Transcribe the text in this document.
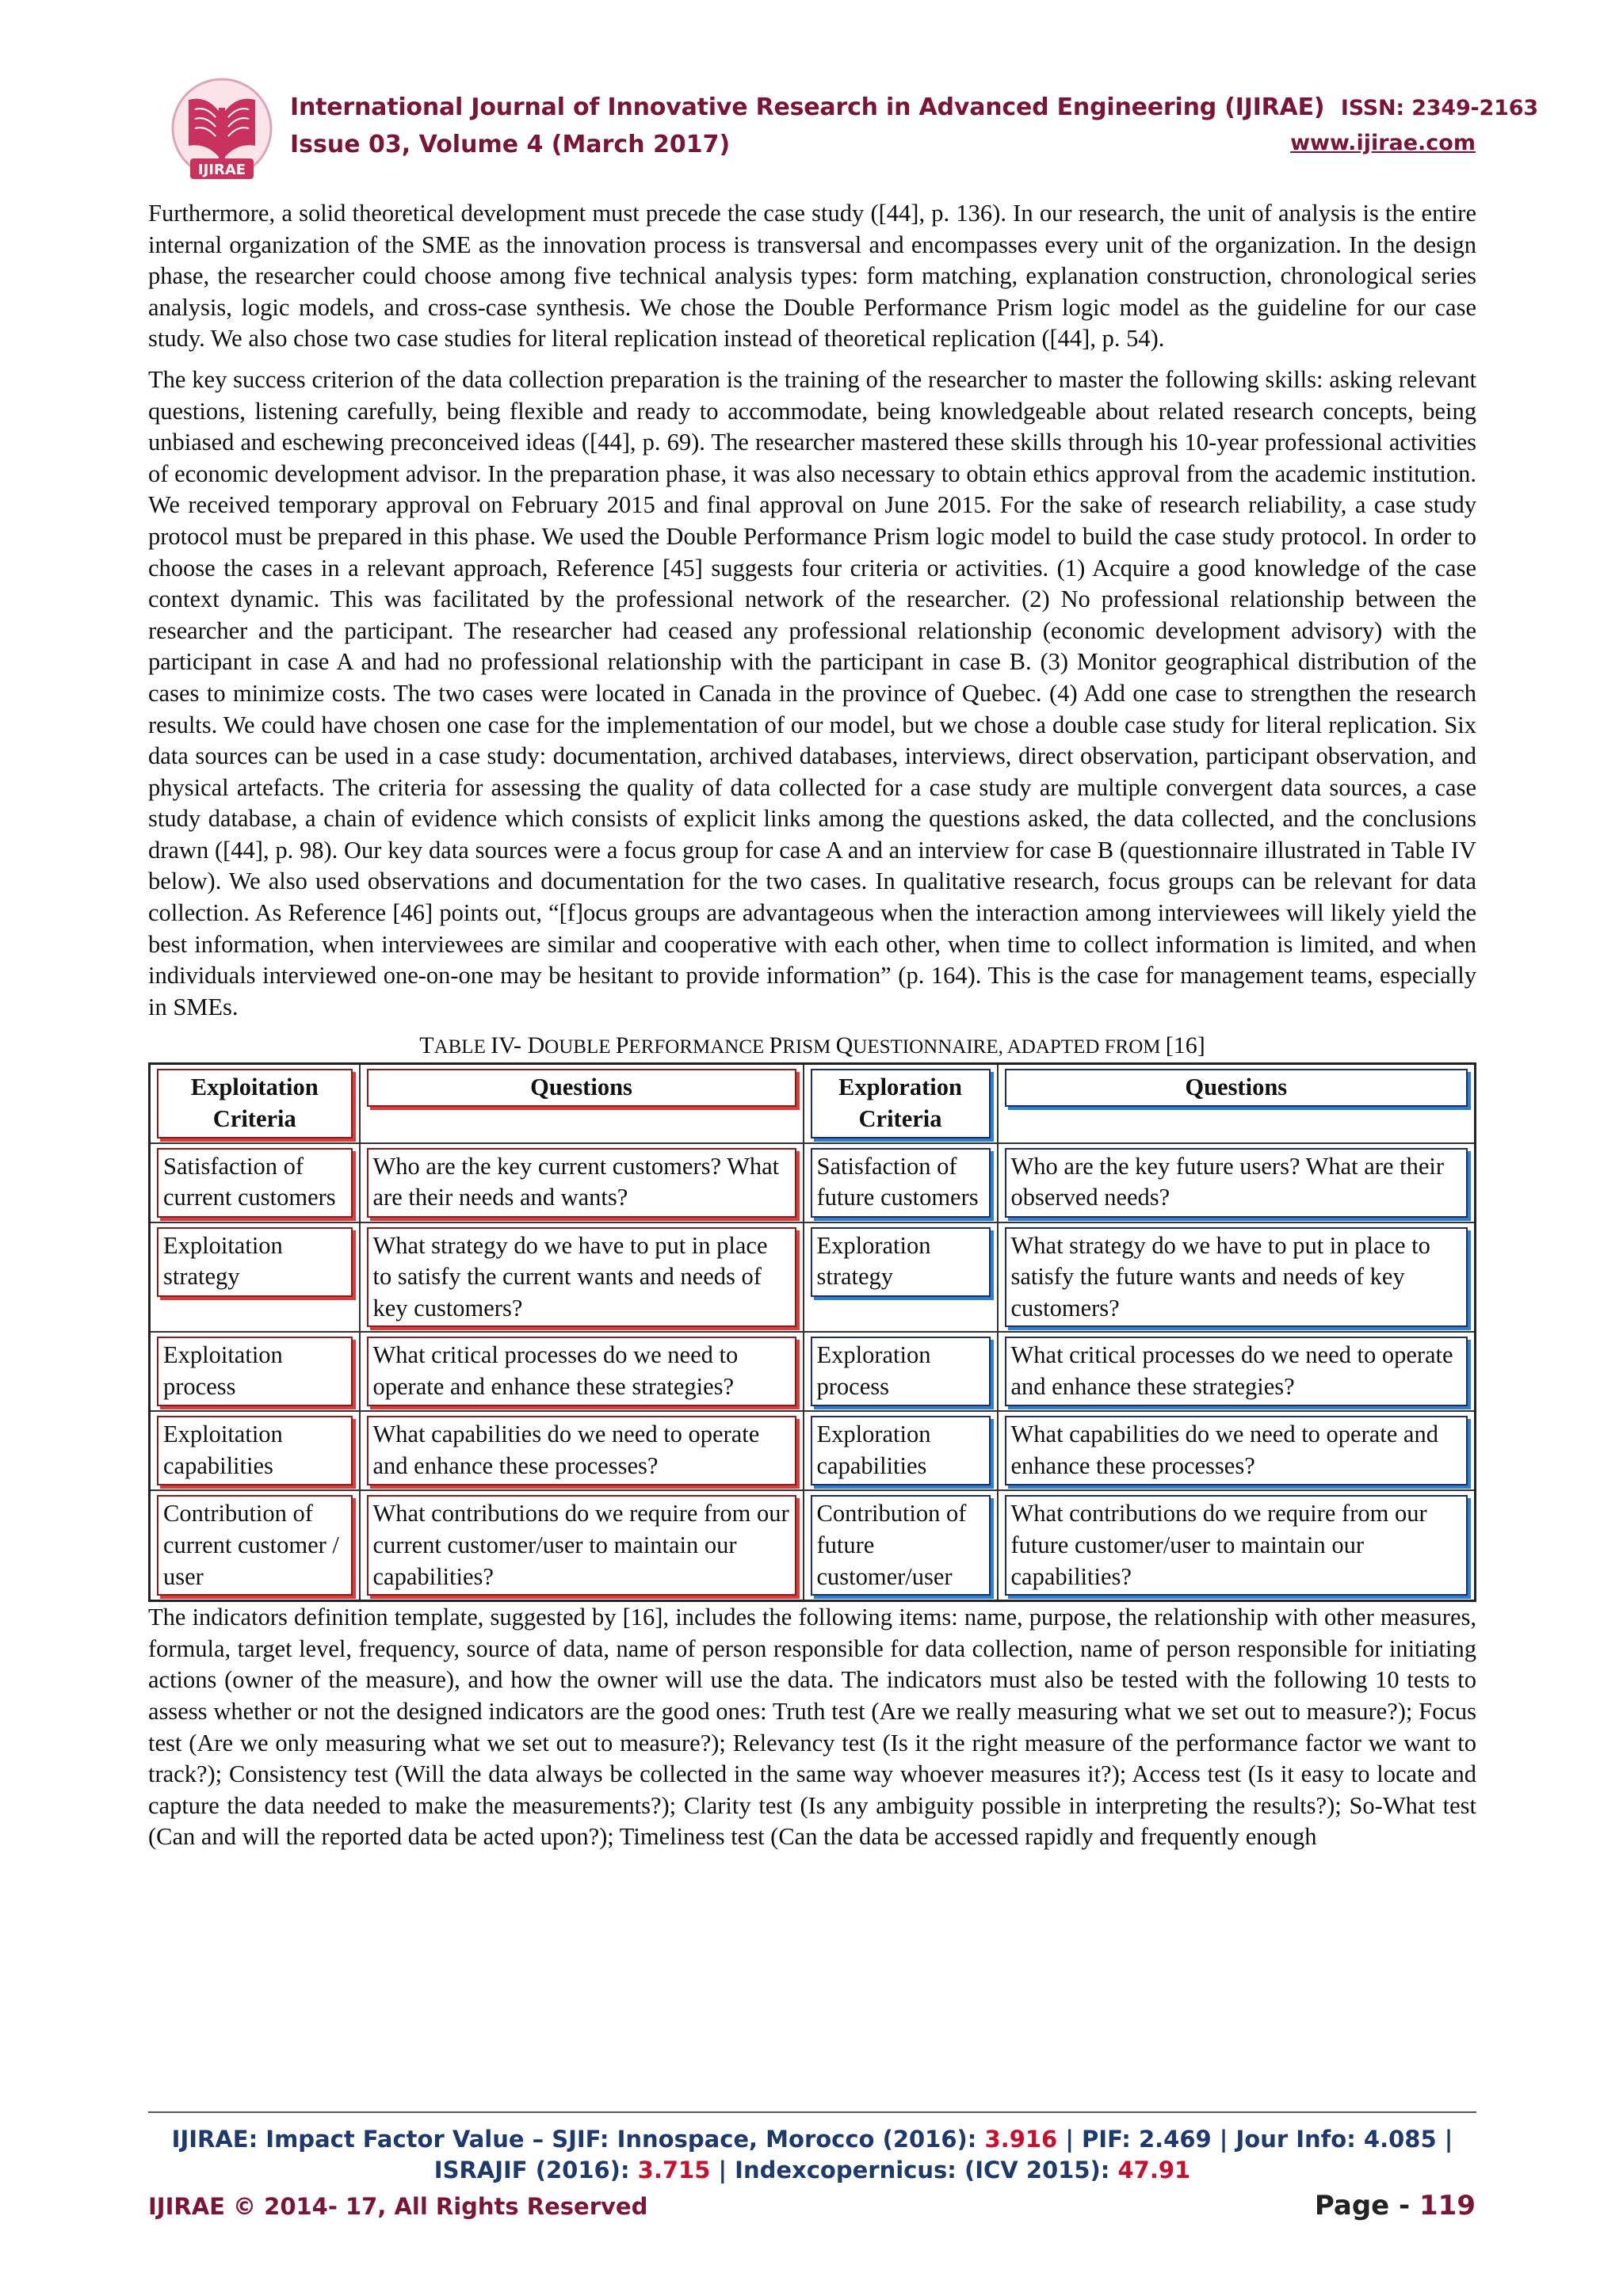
IJIRAE
International Journal of Innovative Research in Advanced Engineering (IJIRAE) ISSN: 2349-2163
Issue 03, Volume 4 (March 2017)	www.ijirae.com

Furthermore, a solid theoretical development must precede the case study ([44], p. 136). In our research, the unit of analysis is the entire internal organization of the SME as the innovation process is transversal and encompasses every unit of the organization. In the design phase, the researcher could choose among five technical analysis types: form matching, explanation construction, chronological series analysis, logic models, and cross-case synthesis. We chose the Double Performance Prism logic model as the guideline for our case study. We also chose two case studies for literal replication instead of theoretical replication ([44], p. 54).

The key success criterion of the data collection preparation is the training of the researcher to master the following skills: asking relevant questions, listening carefully, being flexible and ready to accommodate, being knowledgeable about related research concepts, being unbiased and eschewing preconceived ideas ([44], p. 69). The researcher mastered these skills through his 10-year professional activities of economic development advisor. In the preparation phase, it was also necessary to obtain ethics approval from the academic institution. We received temporary approval on February 2015 and final approval on June 2015. For the sake of research reliability, a case study protocol must be prepared in this phase. We used the Double Performance Prism logic model to build the case study protocol. In order to choose the cases in a relevant approach, Reference [45] suggests four criteria or activities. (1) Acquire a good knowledge of the case context dynamic. This was facilitated by the professional network of the researcher. (2) No professional relationship between the researcher and the participant. The researcher had ceased any professional relationship (economic development advisory) with the participant in case A and had no professional relationship with the participant in case B. (3) Monitor geographical distribution of the cases to minimize costs. The two cases were located in Canada in the province of Quebec. (4) Add one case to strengthen the research results. We could have chosen one case for the implementation of our model, but we chose a double case study for literal replication. Six data sources can be used in a case study: documentation, archived databases, interviews, direct observation, participant observation, and physical artefacts. The criteria for assessing the quality of data collected for a case study are multiple convergent data sources, a case study database, a chain of evidence which consists of explicit links among the questions asked, the data collected, and the conclusions drawn ([44], p. 98). Our key data sources were a focus group for case A and an interview for case B (questionnaire illustrated in Table IV below). We also used observations and documentation for the two cases. In qualitative research, focus groups can be relevant for data collection. As Reference [46] points out, “[f]ocus groups are advantageous when the interaction among interviewees will likely yield the best information, when interviewees are similar and cooperative with each other, when time to collect information is limited, and when individuals interviewed one-on-one may be hesitant to provide information” (p. 164). This is the case for management teams, especially in SMEs.

TABLE IV- DOUBLE PERFORMANCE PRISM QUESTIONNAIRE, ADAPTED FROM [16]
Exploitation Criteria	Questions	Exploration Criteria	Questions

Satisfaction of current customers	Who are the key current customers? What are their needs and wants?	Satisfaction of future customers	Who are the key future users? What are their observed needs?

Exploitation strategy	What strategy do we have to put in place to satisfy the current wants and needs of key customers?	Exploration strategy	What strategy do we have to put in place to satisfy the future wants and needs of key customers?

Exploitation process	What critical processes do we need to operate and enhance these strategies?	Exploration process	What critical processes do we need to operate and enhance these strategies?

Exploitation capabilities	What capabilities do we need to operate and enhance these processes?	Exploration capabilities	What capabilities do we need to operate and enhance these processes?

Contribution of current customer / user	What contributions do we require from our current customer/user to maintain our capabilities?	Contribution of future customer/user	What contributions do we require from our future customer/user to maintain our capabilities?

The indicators definition template, suggested by [16], includes the following items: name, purpose, the relationship with other measures, formula, target level, frequency, source of data, name of person responsible for data collection, name of person responsible for initiating actions (owner of the measure), and how the owner will use the data. The indicators must also be tested with the following 10 tests to assess whether or not the designed indicators are the good ones: Truth test (Are we really measuring what we set out to measure?); Focus test (Are we only measuring what we set out to measure?); Relevancy test (Is it the right measure of the performance factor we want to track?); Consistency test (Will the data always be collected in the same way whoever measures it?); Access test (Is it easy to locate and capture the data needed to make the measurements?); Clarity test (Is any ambiguity possible in interpreting the results?); So-What test (Can and will the reported data be acted upon?); Timeliness test (Can the data be accessed rapidly and frequently enough

IJIRAE: Impact Factor Value – SJIF: Innospace, Morocco (2016): 3.916 | PIF: 2.469 | Jour Info: 4.085 |
ISRAJIF (2016): 3.715 | Indexcopernicus: (ICV 2015): 47.91
IJIRAE © 2014- 17, All Rights Reserved	Page - 119
